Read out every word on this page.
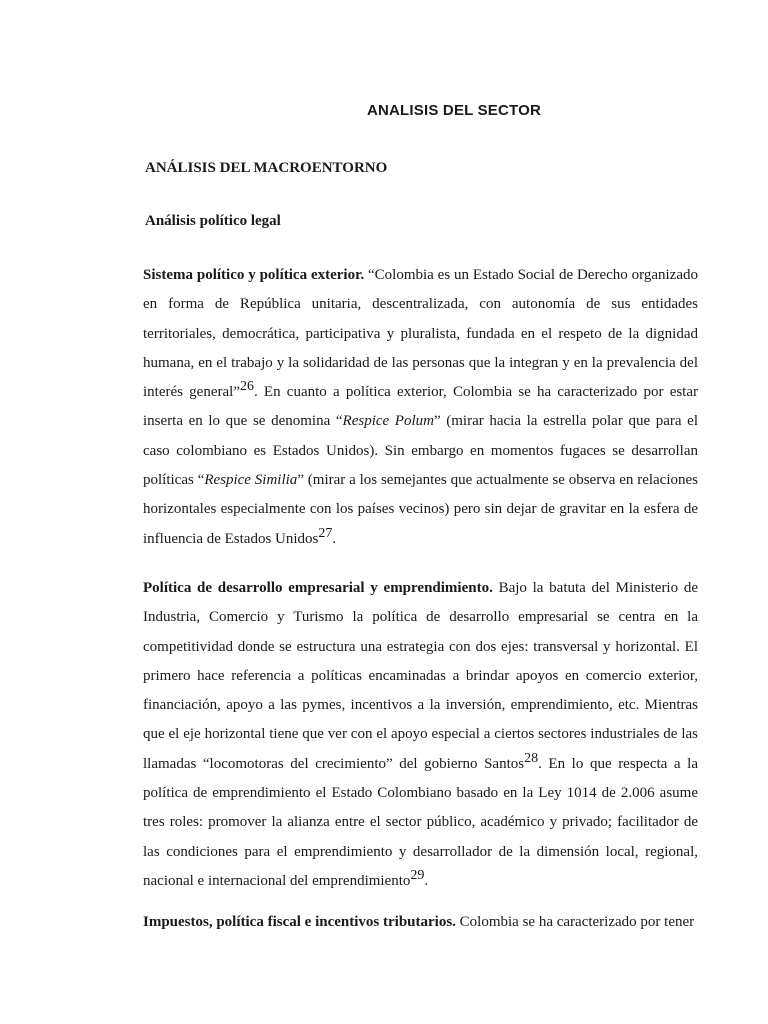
ANALISIS DEL SECTOR
ANÁLISIS DEL MACROENTORNO
Análisis político legal

Sistema político y política exterior. “Colombia es un Estado Social de Derecho organizado en forma de República unitaria, descentralizada, con autonomía de sus entidades territoriales, democrática, participativa y pluralista, fundada en el respeto de la dignidad humana, en el trabajo y la solidaridad de las personas que la integran y en la prevalencia del interés general”$^{26}$. En cuanto a política exterior, Colombia se ha caracterizado por estar inserta en lo que se denomina “Respice Polum” (mirar hacia la estrella polar que para el caso colombiano es Estados Unidos). Sin embargo en momentos fugaces se desarrollan políticas “Respice Similia” (mirar a los semejantes que actualmente se observa en relaciones horizontales especialmente con los países vecinos) pero sin dejar de gravitar en la esfera de influencia de Estados Unidos$^{27}$.

Política de desarrollo empresarial y emprendimiento. Bajo la batuta del Ministerio de Industria, Comercio y Turismo la política de desarrollo empresarial se centra en la competitividad donde se estructura una estrategia con dos ejes: transversal y horizontal. El primero hace referencia a políticas encaminadas a brindar apoyos en comercio exterior, financiación, apoyo a las pymes, incentivos a la inversión, emprendimiento, etc. Mientras que el eje horizontal tiene que ver con el apoyo especial a ciertos sectores industriales de las llamadas “locomotoras del crecimiento” del gobierno Santos$^{28}$. En lo que respecta a la política de emprendimiento el Estado Colombiano basado en la Ley 1014 de 2.006 asume tres roles: promover la alianza entre el sector público, académico y privado; facilitador de las condiciones para el emprendimiento y desarrollador de la dimensión local, regional, nacional e internacional del emprendimiento$^{29}$.

Impuestos, política fiscal e incentivos tributarios. Colombia se ha caracterizado por tener
